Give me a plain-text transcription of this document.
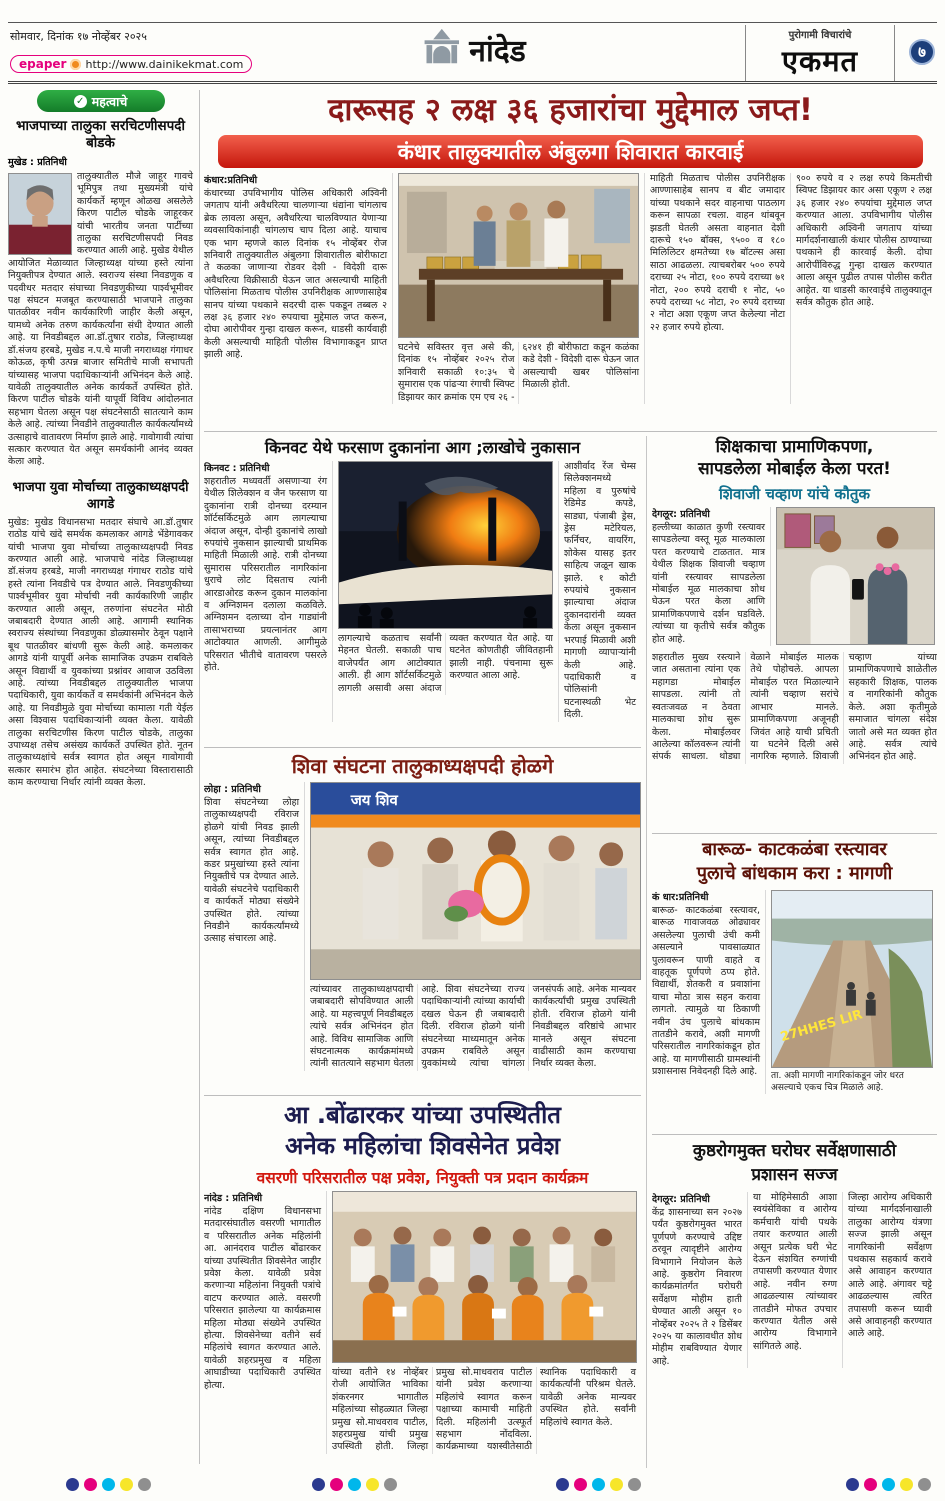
सोमवार, दिनांक १७ नोव्हेंबर २०२५
epaper http://www.dainikekmat.com	नांदेड	पुरोगामी विचारांचे
एकमत	७
✓ महत्वाचे
भाजपाच्या तालुका सरचिटणीसपदी बोडके
मुखेड : प्रतिनिधी
तालुक्यातील मौजे जाहूर गावचे भूमिपुत्र तथा मुख्यमंत्री यांचे कार्यकर्ते म्हणून ओळख असलेले किरण पाटील चोडके जाहूरकर यांची भारतीय जनता पार्टीच्या तालुका सरचिटणीसपदी निवड करण्यात आली आहे. मुखेड येथील आयोजित मेळाव्यात जिल्हाध्यक्ष यांच्या हस्ते त्यांना नियुक्तीपत्र देण्यात आले. स्वराज्य संस्था निवडणुक व पदवीधर मतदार संघाच्या निवडणुकीच्या पार्श्वभूमीवर पक्ष संघटन मजबूत करण्यासाठी भाजपाने तालुका पातळीवर नवीन कार्यकारिणी जाहीर केली असून, यामध्ये अनेक तरुण कार्यकर्त्यांना संधी देण्यात आली आहे. या निवडीबद्दल आ.डॉ.तुषार राठोड, जिल्हाध्यक्ष डॉ.संजय हरबडे, मुखेड न.प.चे माजी नगराध्यक्ष गंगाधर कोऊळ, कृषी उत्पन्न बाजार समितीचे माजी सभापती यांच्यासह भाजपा पदाधिकाऱ्यांनी अभिनंदन केले आहे. यावेळी तालुक्यातील अनेक कार्यकर्ते उपस्थित होते. किरण पाटील चोडके यांनी यापूर्वी विविध आंदोलनात सहभाग घेतला असून पक्ष संघटनेसाठी सातत्याने काम केले आहे. त्यांच्या निवडीने तालुक्यातील कार्यकर्त्यांमध्ये उत्साहाचे वातावरण निर्माण झाले आहे. गावोगावी त्यांचा सत्कार करण्यात येत असून समर्थकांनी आनंद व्यक्त केला आहे.
भाजपा युवा मोर्चाच्या तालुकाध्यक्षपदी आगडे
मुखेड: मुखेड विधानसभा मतदार संघाचे आ.डॉ.तुषार राठोड यांचे खंदे समर्थक कमलाकर आगडे भेंडेगावकर यांची भाजपा युवा मोर्चाच्या तालुकाध्यक्षपदी निवड करण्यात आली आहे. भाजपाचे नांदेड जिल्हाध्यक्ष डॉ.संजय हरबडे, माजी नगराध्यक्ष गंगाधर राठोड यांचे हस्ते त्यांना निवडीचे पत्र देण्यात आले. निवडणुकीच्या पार्श्वभूमीवर युवा मोर्चाची नवी कार्यकारिणी जाहीर करण्यात आली असून, तरुणांना संघटनेत मोठी जबाबदारी देण्यात आली आहे. आगामी स्थानिक स्वराज्य संस्थांच्या निवडणुका डोळ्यासमोर ठेवून पक्षाने बूथ पातळीवर बांधणी सुरू केली आहे. कमलाकर आगडे यांनी यापूर्वी अनेक सामाजिक उपक्रम राबविले असून विद्यार्थी व युवकांच्या प्रश्नांवर आवाज उठविला आहे. त्यांच्या निवडीबद्दल तालुक्यातील भाजपा पदाधिकारी, युवा कार्यकर्ते व समर्थकांनी अभिनंदन केले आहे. या निवडीमुळे युवा मोर्चाच्या कामाला गती येईल असा विश्वास पदाधिकाऱ्यांनी व्यक्त केला. यावेळी तालुका सरचिटणीस किरण पाटील चोडके, तालुका उपाध्यक्ष तसेच असंख्य कार्यकर्ते उपस्थित होते. नूतन तालुकाध्यक्षांचे सर्वत्र स्वागत होत असून गावोगावी सत्कार समारंभ होत आहेत. संघटनेच्या विस्तारासाठी काम करण्याचा निर्धार त्यांनी व्यक्त केला.
दारूसह २ लक्ष ३६ हजारांचा मुद्देमाल जप्त!
कंधार तालुक्यातील अंबुलगा शिवारात कारवाई
कंधार:प्रतिनिधी
कंधारच्या उपविभागीय पोलिस अधिकारी अश्विनी जगताप यांनी अवैधरित्या चालणाऱ्या धंद्यांना चांगलाच ब्रेक लावला असून, अवैधरित्या चालविण्यात येणाऱ्या व्यवसायिकांनाही चांगलाच चाप दिला आहे. याचाच एक भाग म्हणजे काल दिनांक १५ नोव्हेंबर रोज शनिवारी तालुक्यातील अंबुलगा शिवारातील बोरीफाटा ते कळका जाणाऱ्या रोडवर देशी - विदेशी दारू अवैधरित्या विक्रीसाठी घेऊन जात असल्याची माहिती पोलिसांना मिळताच पोलीस उपनिरीक्षक आण्णासाहेब सानप यांच्या पथकाने सदरची दारू पकडून तब्बल २ लक्ष ३६ हजार २४० रुपयाचा मुद्देमाल जप्त करून, दोघा आरोपीवर गुन्हा दाखल करून, धाडसी कार्यवाही केली असल्याची माहिती पोलीस विभागाकडून प्राप्त झाली आहे.
घटनेचे सविस्तर वृत्त असे की, दिनांक १५ नोव्हेंबर २०२५ रोज शनिवारी सकाळी १०:३५ चे सुमारास एक पांढऱ्या रंगाची स्विफ्ट डिझायर कार क्रमांक एम एच २६ - ६२४१ ही बोरीफाटा कडून कळंका कडे देशी - विदेशी दारू घेऊन जात असल्याची खबर पोलिसांना मिळाली होती.
माहिती मिळताच पोलीस उपनिरीक्षक आण्णासाहेब सानप व बीट जमादार यांच्या पथकाने सदर वाहनाचा पाठलाग करून सापळा रचला. वाहन थांबवून झडती घेतली असता वाहनात देशी दारूचे १५० बॉक्स, ९५०० व १८० मिलिलिटर क्षमतेच्या १७ बॉटल्स असा साठा आढळला. त्याचबरोबर ५०० रुपये दराच्या २५ नोटा, १०० रुपये दराच्या ७१ नोटा, २०० रुपये दराची १ नोट, ५० रुपये दराच्या ५८ नोटा, २० रुपये दराच्या २ नोटा अशा एकूण जप्त केलेल्या नोटा २२ हजार रुपये होत्या.
९०० रुपये व २ लक्ष रुपये किमतीची स्विफ्ट डिझायर कार असा एकूण २ लक्ष ३६ हजार २४० रुपयांचा मुद्देमाल जप्त करण्यात आला. उपविभागीय पोलीस अधिकारी अश्विनी जगताप यांच्या मार्गदर्शनाखाली कंधार पोलीस ठाण्याच्या पथकाने ही कारवाई केली. दोघा आरोपींविरुद्ध गुन्हा दाखल करण्यात आला असून पुढील तपास पोलीस करीत आहेत. या धाडसी कारवाईचे तालुक्यातून सर्वत्र कौतुक होत आहे.
किनवट येथे फरसाण दुकानांना आग ;लाखोचे नुकासान
किनवट : प्रतिनिधी
शहरातील मध्यवर्ती असणाऱ्या रंग येथील शिलेक्शन व जैन फरसाण या दुकानांना रात्री दोनच्या दरम्यान शॉर्टसर्किटमुळे आग लागल्याचा अंदाज असून, दोन्ही दुकानांचे लाखो रुपयांचे नुकसान झाल्याची प्राथमिक माहिती मिळाली आहे. रात्री दोनच्या सुमारास परिसरातील नागरिकांना धुराचे लोट दिसताच त्यांनी आरडाओरड करून दुकान मालकांना व अग्निशमन दलाला कळविले. अग्निशमन दलाच्या दोन गाड्यांनी तासाभराच्या प्रयत्नानंतर आग आटोक्यात आणली. आगीमुळे परिसरात भीतीचे वातावरण पसरले होते.
लागल्याचे कळताच सर्वांनी मेहनत घेतली. सकाळी पाच वाजेपर्यंत आग आटोक्यात आली. ही आग शॉर्टसर्किटमुळे लागली असावी असा अंदाज व्यक्त करण्यात येत आहे. या घटनेत कोणतीही जीवितहानी झाली नाही. पंचनामा सुरू करण्यात आला आहे.
आशीर्वाद रेंज चेम्स सिलेक्शनमध्ये महिला व पुरुषांचे रेडिमेड कपडे, साड्या, पंजाबी ड्रेस, ड्रेस मटेरियल, फर्निचर, वायरिंग, शोकेस यासह इतर साहित्य जळून खाक झाले. १ कोटी रुपयांचे नुकसान झाल्याचा अंदाज दुकानदारांनी व्यक्त केला असून नुकसान भरपाई मिळावी अशी मागणी व्यापाऱ्यांनी केली आहे. पदाधिकारी व पोलिसांनी घटनास्थळी भेट दिली.
शिक्षकाचा प्रामाणिकपणा,
सापडलेला मोबाईल केला परत!
शिवाजी चव्हाण यांचे कौतुक
देगलूर: प्रतिनिधी
हल्लीच्या काळात कुणी रस्त्यावर सापडलेल्या वस्तू मूळ मालकाला परत करण्याचे टाळतात. मात्र येथील शिक्षक शिवाजी चव्हाण यांनी रस्त्यावर सापडलेला मोबाईल मूळ मालकाचा शोध घेऊन परत केला आणि प्रामाणिकपणाचे दर्शन घडविले. त्यांच्या या कृतीचे सर्वत्र कौतुक होत आहे.
शहरातील मुख्य रस्त्याने जात असताना त्यांना एक महागडा मोबाईल सापडला. त्यांनी तो स्वतःजवळ न ठेवता मालकाचा शोध सुरू केला. मोबाईलवर आलेल्या कॉलवरून त्यांनी संपर्क साधला. थोड्या वेळाने मोबाईल मालक तेथे पोहोचले. आपला मोबाईल परत मिळाल्याने त्यांनी चव्हाण सरांचे आभार मानले. प्रामाणिकपणा अजूनही जिवंत आहे याची प्रचिती या घटनेने दिली असे नागरिक म्हणाले. शिवाजी चव्हाण यांच्या प्रामाणिकपणाचे शाळेतील सहकारी शिक्षक, पालक व नागरिकांनी कौतुक केले. अशा कृतीमुळे समाजात चांगला संदेश जातो असे मत व्यक्त होत आहे. सर्वत्र त्यांचे अभिनंदन होत आहे.
शिवा संघटना तालुकाध्यक्षपदी होळगे
लोहा : प्रतिनिधी
शिवा संघटनेच्या लोहा तालुकाध्यक्षपदी रविराज होळगे यांची निवड झाली असून, त्यांच्या निवडीबद्दल सर्वत्र स्वागत होत आहे. कडर प्रमुखांच्या हस्ते त्यांना नियुक्तीचे पत्र देण्यात आले. यावेळी संघटनेचे पदाधिकारी व कार्यकर्ते मोठ्या संख्येने उपस्थित होते. त्यांच्या निवडीने कार्यकर्त्यांमध्ये उत्साह संचारला आहे.
जय शिव
त्यांच्यावर तालुकाध्यक्षपदाची जबाबदारी सोपविण्यात आली आहे. या महत्त्वपूर्ण निवडीबद्दल त्यांचे सर्वत्र अभिनंदन होत आहे. विविध सामाजिक आणि संघटनात्मक कार्यक्रमांमध्ये त्यांनी सातत्याने सहभाग घेतला आहे. शिवा संघटनेच्या राज्य पदाधिकाऱ्यांनी त्यांच्या कार्याची दखल घेऊन ही जबाबदारी दिली. रविराज होळगे यांनी संघटनेच्या माध्यमातून अनेक उपक्रम राबविले असून युवकांमध्ये त्यांचा चांगला जनसंपर्क आहे. अनेक मान्यवर कार्यकर्त्यांची प्रमुख उपस्थिती होती. रविराज होळगे यांनी निवडीबद्दल वरिष्ठांचे आभार मानले असून संघटना वाढीसाठी काम करण्याचा निर्धार व्यक्त केला.
बारूळ- काटकळंबा रस्त्यावर
पुलाचे बांधकाम करा : मागणी
कं धार:प्रतिनिधी
बारूळ- काटकळंबा रस्त्यावर, बारूळ गावाजवळ ओढ्यावर असलेल्या पुलाची उंची कमी असल्याने पावसाळ्यात पुलावरून पाणी वाहते व वाहतूक पूर्णपणे ठप्प होते. विद्यार्थी, शेतकरी व प्रवाशांना याचा मोठा त्रास सहन करावा लागतो. त्यामुळे या ठिकाणी नवीन उंच पुलाचे बांधकाम तातडीने करावे, अशी मागणी परिसरातील नागरिकांकडून होत आहे. या मागणीसाठी ग्रामस्थांनी प्रशासनास निवेदनही दिले आहे.
27HHES LIR
ता. अशी मागणी नागरिकांकडून जोर धरत असल्याचे एकच चित्र मिळाले आहे.
आ .बोंढारकर यांच्या उपस्थितीत
अनेक महिलांचा शिवसेनेत प्रवेश
वसरणी परिसरातील पक्ष प्रवेश, नियुक्ती पत्र प्रदान कार्यक्रम
नांदेड : प्रतिनिधी
नांदेड दक्षिण विधानसभा मतदारसंघातील वसरणी भागातील व परिसरातील अनेक महिलांनी आ. आनंदराव पाटील बोंढारकर यांच्या उपस्थितीत शिवसेनेत जाहीर प्रवेश केला. यावेळी प्रवेश करणाऱ्या महिलांना नियुक्ती पत्रांचे वाटप करण्यात आले. वसरणी परिसरात झालेल्या या कार्यक्रमास महिला मोठ्या संख्येने उपस्थित होत्या. शिवसेनेच्या वतीने सर्व महिलांचे स्वागत करण्यात आले. यावेळी शहरप्रमुख व महिला आघाडीच्या पदाधिकारी उपस्थित होत्या.
यांच्या वतीने १४ नोव्हेंबर रोजी आयोजित भाविका शंकरनगर भागातील महिलांच्या सोहळ्यात जिल्हा प्रमुख सो.माधवराव पाटील, शहरप्रमुख यांची प्रमुख उपस्थिती होती. जिल्हा प्रमुख सो.माधवराव पाटील यांनी प्रवेश करणाऱ्या महिलांचे स्वागत करून पक्षाच्या कामाची माहिती दिली. महिलांनी उत्स्फूर्त सहभाग नोंदविला. कार्यक्रमाच्या यशस्वीतेसाठी स्थानिक पदाधिकारी व कार्यकर्त्यांनी परिश्रम घेतले. यावेळी अनेक मान्यवर उपस्थित होते. सर्वांनी महिलांचे स्वागत केले.
कुष्ठरोगमुक्त घरोघर सर्वेक्षणासाठी
प्रशासन सज्ज
देगलूर: प्रतिनिधी
केंद्र शासनाच्या सन २०२७ पर्यंत कुष्ठरोगमुक्त भारत पूर्णपणे करण्याचे उद्दिष्ट ठरवून त्यादृष्टीने आरोग्य विभागाने नियोजन केले आहे. कुष्ठरोग निवारण कार्यक्रमांतर्गत घरोघरी सर्वेक्षण मोहीम हाती घेण्यात आली असून १० नोव्हेंबर २०२५ ते २ डिसेंबर २०२५ या कालावधीत शोध मोहीम राबविण्यात येणार आहे.
या मोहिमेसाठी आशा स्वयंसेविका व आरोग्य कर्मचारी यांची पथके तयार करण्यात आली असून प्रत्येक घरी भेट देऊन संशयित रुग्णांची तपासणी करण्यात येणार आहे. नवीन रुग्ण आढळल्यास त्यांच्यावर तातडीने मोफत उपचार करण्यात येतील असे आरोग्य विभागाने सांगितले आहे.
जिल्हा आरोग्य अधिकारी यांच्या मार्गदर्शनाखाली तालुका आरोग्य यंत्रणा सज्ज झाली असून नागरिकांनी सर्वेक्षण पथकास सहकार्य करावे असे आवाहन करण्यात आले आहे. अंगावर चट्टे आढळल्यास त्वरित तपासणी करून घ्यावी असे आवाहनही करण्यात आले आहे.
